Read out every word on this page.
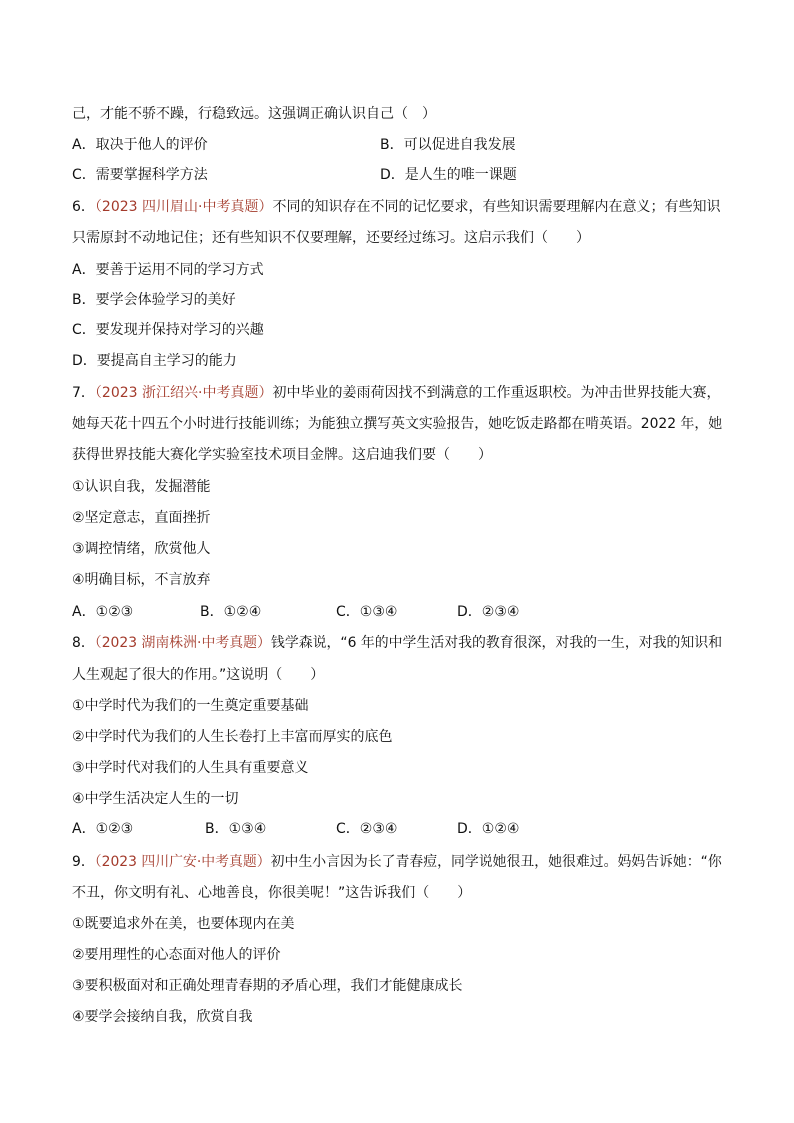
己，才能不骄不躁，行稳致远。这强调正确认识自己（　）
A．取决于他人的评价	B．可以促进自我发展
C．需要掌握科学方法	D．是人生的唯一课题
6．（2023 四川眉山·中考真题）不同的知识存在不同的记忆要求，有些知识需要理解内在意义；有些知识
只需原封不动地记住；还有些知识不仅要理解，还要经过练习。这启示我们（　　）
A．要善于运用不同的学习方式
B．要学会体验学习的美好
C．要发现并保持对学习的兴趣
D．要提高自主学习的能力
7．（2023 浙江绍兴·中考真题）初中毕业的姜雨荷因找不到满意的工作重返职校。为冲击世界技能大赛，
她每天花十四五个小时进行技能训练；为能独立撰写英文实验报告，她吃饭走路都在啃英语。2022 年，她
获得世界技能大赛化学实验室技术项目金牌。这启迪我们要（　　）
①认识自我，发掘潜能
②坚定意志，直面挫折
③调控情绪，欣赏他人
④明确目标，不言放弃
A．①②③	B．①②④	C．①③④	D．②③④
8．（2023 湖南株洲·中考真题）钱学森说，“6 年的中学生活对我的教育很深，对我的一生，对我的知识和
人生观起了很大的作用。”这说明（　　）
①中学时代为我们的一生奠定重要基础
②中学时代为我们的人生长卷打上丰富而厚实的底色
③中学时代对我们的人生具有重要意义
④中学生活决定人生的一切
A．①②③	B．①③④	C．②③④	D．①②④
9．（2023 四川广安·中考真题）初中生小言因为长了青春痘，同学说她很丑，她很难过。妈妈告诉她：“你
不丑，你文明有礼、心地善良，你很美呢！”这告诉我们（　　）
①既要追求外在美，也要体现内在美
②要用理性的心态面对他人的评价
③要积极面对和正确处理青春期的矛盾心理，我们才能健康成长
④要学会接纳自我，欣赏自我
